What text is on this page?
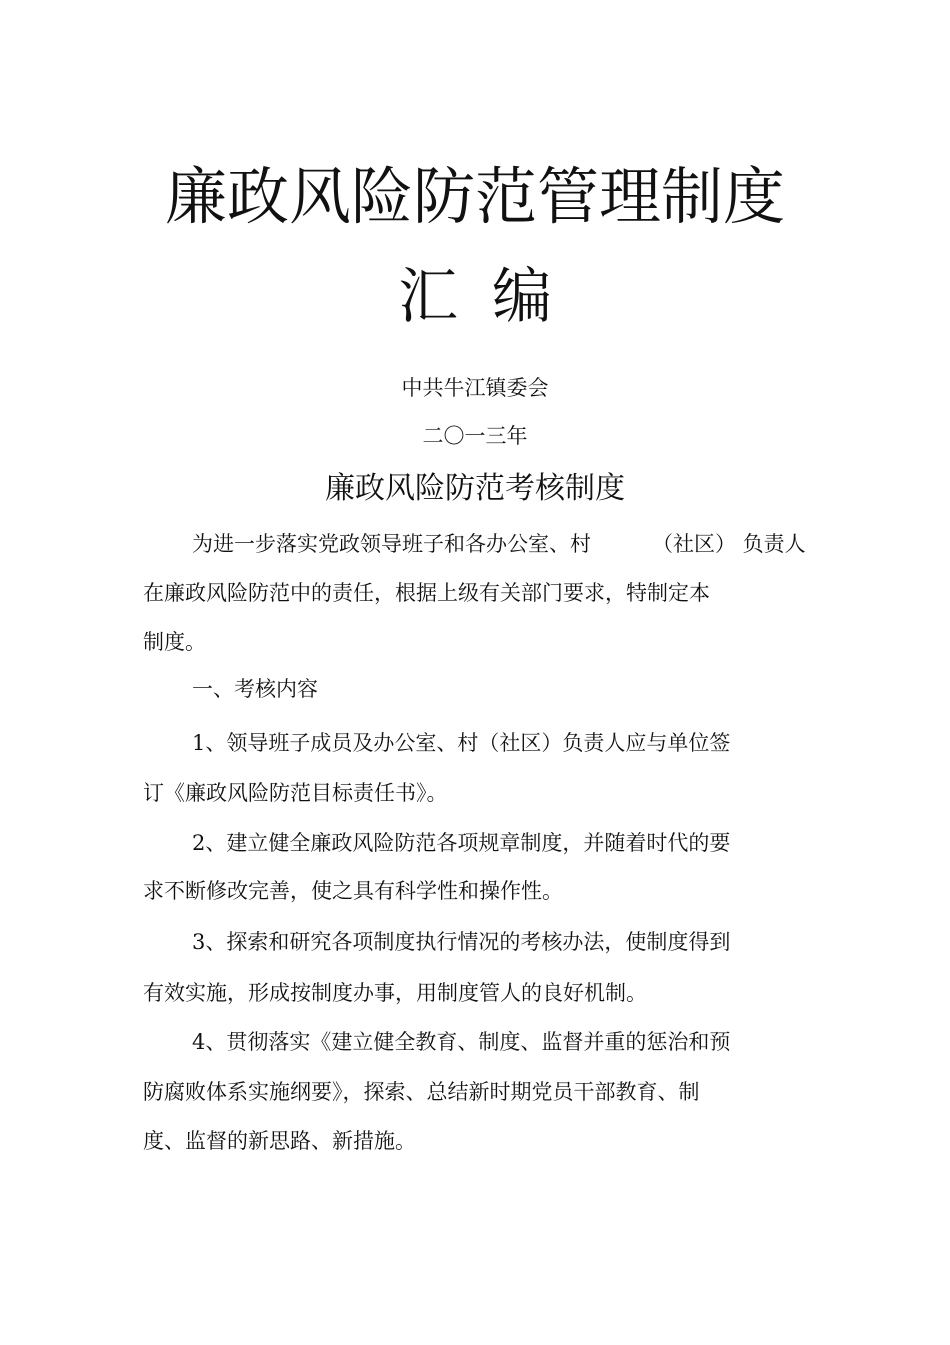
廉政风险防范管理制度
汇 编
中共牛江镇委会
二〇一三年
廉政风险防范考核制度
为进一步落实党政领导班子和各办公室、村	（社区） 负责人
在廉政风险防范中的责任，根据上级有关部门要求，特制定本
制度。
一、考核内容
1、领导班子成员及办公室、村（社区）负责人应与单位签
订《廉政风险防范目标责任书》。
2、建立健全廉政风险防范各项规章制度，并随着时代的要
求不断修改完善，使之具有科学性和操作性。
3、探索和研究各项制度执行情况的考核办法，使制度得到
有效实施，形成按制度办事，用制度管人的良好机制。
4、贯彻落实《建立健全教育、制度、监督并重的惩治和预
防腐败体系实施纲要》，探索、总结新时期党员干部教育、制
度、监督的新思路、新措施。
